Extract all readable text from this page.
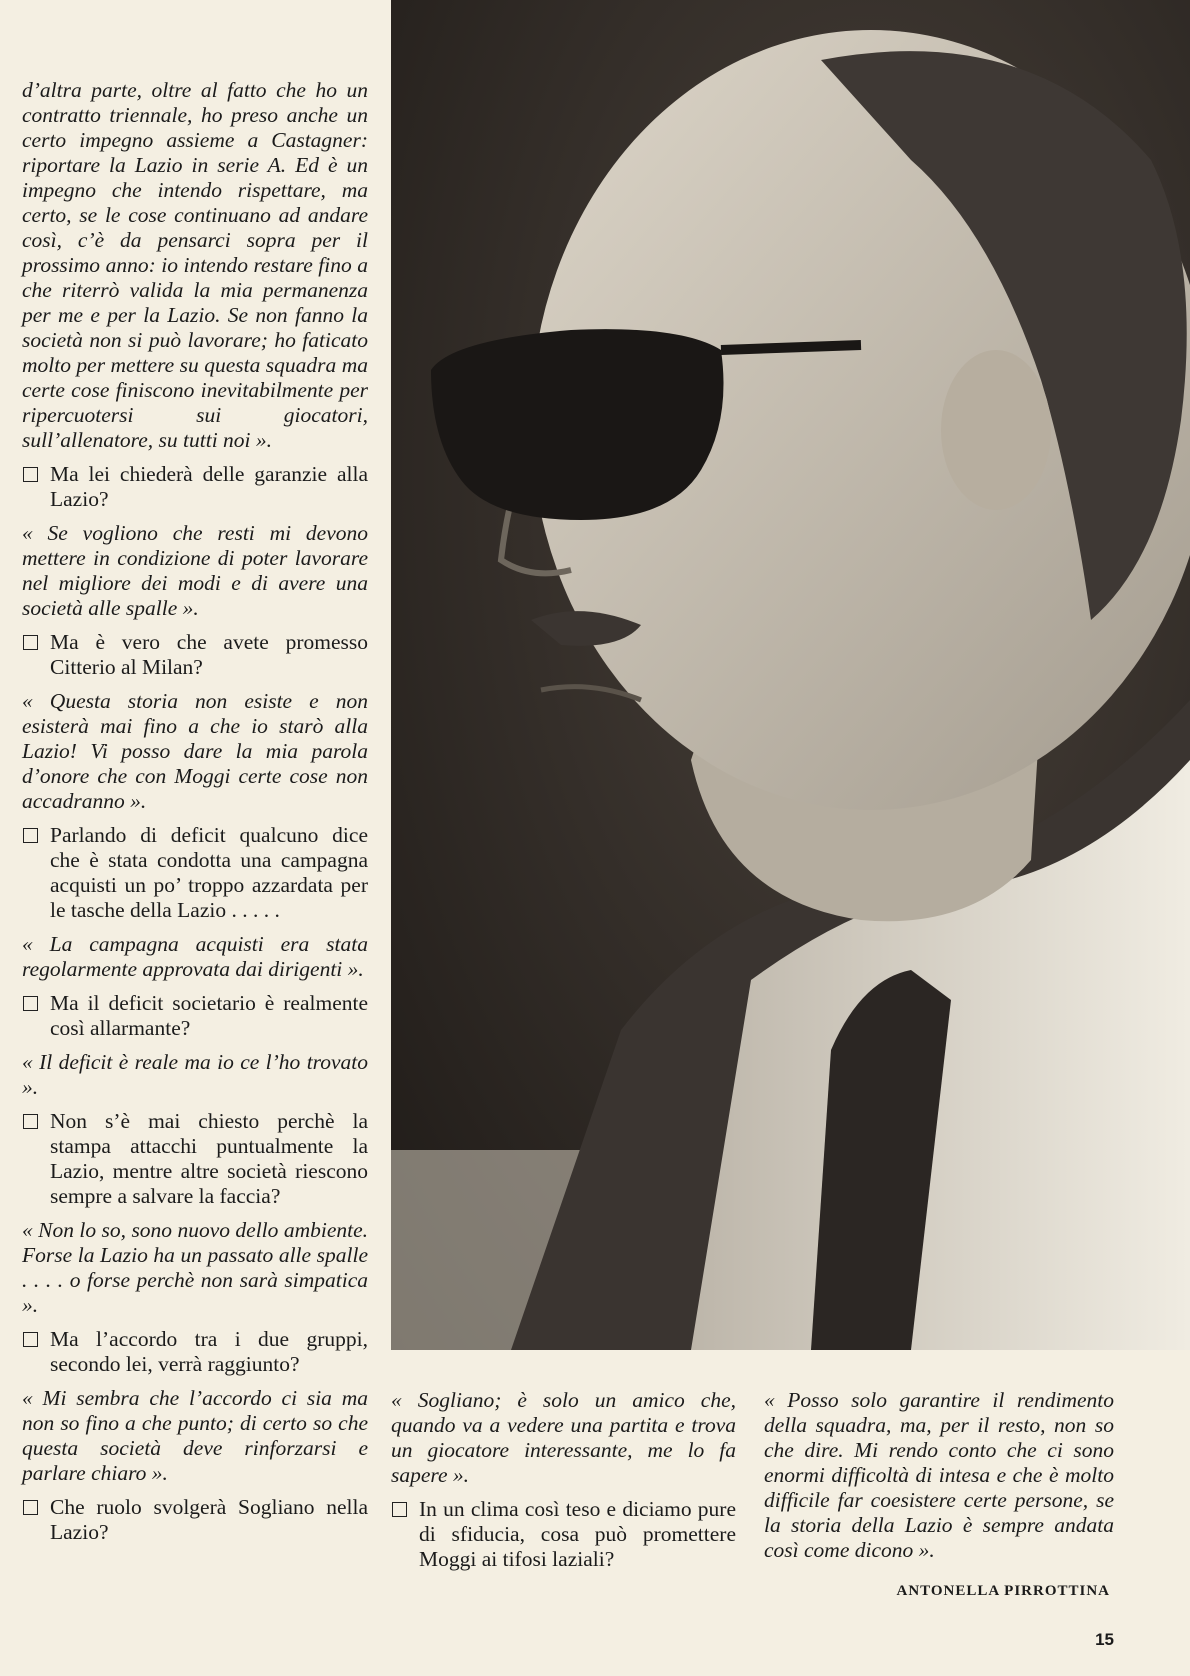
d’altra parte, oltre al fatto che ho un contratto triennale, ho preso anche un certo impegno assieme a Castagner: riportare la Lazio in serie A. Ed è un impegno che intendo rispettare, ma certo, se le cose continuano ad andare così, c’è da pensarci sopra per il prossimo anno: io intendo restare fino a che riterrò valida la mia permanenza per me e per la Lazio. Se non fanno la società non si può lavorare; ho faticato molto per mettere su questa squadra ma certe cose finiscono inevitabilmente per ripercuotersi sui giocatori, sull’allenatore, su tutti noi ».

Ma lei chiederà delle garanzie alla Lazio?

« Se vogliono che resti mi devono mettere in condizione di poter lavorare nel migliore dei modi e di avere una società alle spalle ».

Ma è vero che avete promesso Citterio al Milan?

« Questa storia non esiste e non esisterà mai fino a che io starò alla Lazio! Vi posso dare la mia parola d’onore che con Moggi certe cose non accadranno ».

Parlando di deficit qualcuno dice che è stata condotta una campagna acquisti un po’ troppo azzardata per le tasche della Lazio . . . . .

« La campagna acquisti era stata regolarmente approvata dai dirigenti ».

Ma il deficit societario è realmente così allarmante?

« Il deficit è reale ma io ce l’ho trovato ».

Non s’è mai chiesto perchè la stampa attacchi puntualmente la Lazio, mentre altre società riescono sempre a salvare la faccia?

« Non lo so, sono nuovo dello ambiente. Forse la Lazio ha un passato alle spalle . . . . o forse perchè non sarà simpatica ».

Ma l’accordo tra i due gruppi, secondo lei, verrà raggiunto?

« Mi sembra che l’accordo ci sia ma non so fino a che punto; di certo so che questa società deve rinforzarsi e parlare chiaro ».

Che ruolo svolgerà Sogliano nella Lazio?

« Sogliano; è solo un amico che, quando va a vedere una partita e trova un giocatore interessante, me lo fa sapere ».

In un clima così teso e diciamo pure di sfiducia, cosa può promettere Moggi ai tifosi laziali?

« Posso solo garantire il rendimento della squadra, ma, per il resto, non so che dire. Mi rendo conto che ci sono enormi difficoltà di intesa e che è molto difficile far coesistere certe persone, se la storia della Lazio è sempre andata così come dicono ».

ANTONELLA PIRROTTINA
15
